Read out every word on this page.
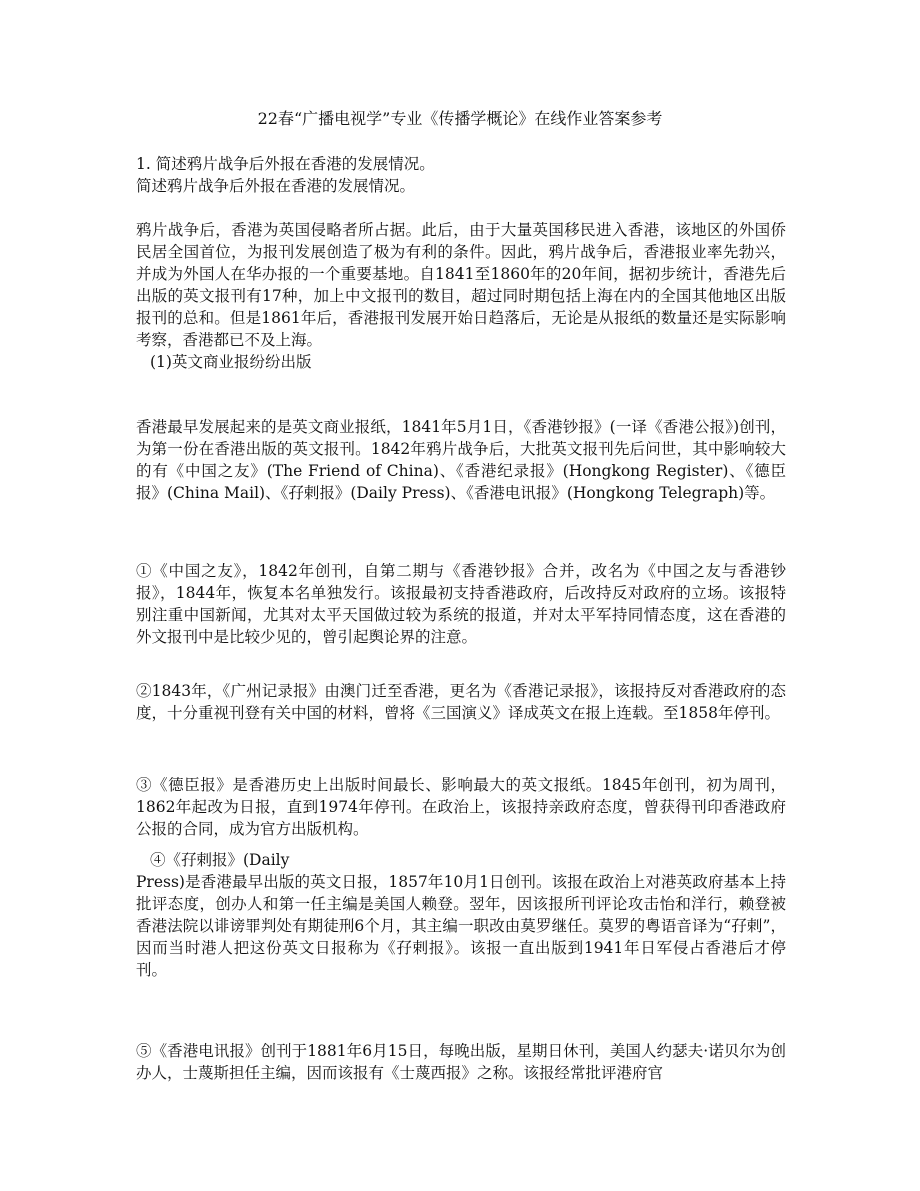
22春“广播电视学”专业《传播学概论》在线作业答案参考

1. 简述鸦片战争后外报在香港的发展情况。

简述鸦片战争后外报在香港的发展情况。

鸦片战争后，香港为英国侵略者所占据。此后，由于大量英国移民进入香港，该地区的外国侨民居全国首位，为报刊发展创造了极为有利的条件。因此，鸦片战争后，香港报业率先勃兴，并成为外国人在华办报的一个重要基地。自1841至1860年的20年间，据初步统计，香港先后出版的英文报刊有17种，加上中文报刊的数目，超过同时期包括上海在内的全国其他地区出版报刊的总和。但是1861年后，香港报刊发展开始日趋落后，无论是从报纸的数量还是实际影响考察，香港都已不及上海。

(1)英文商业报纷纷出版

香港最早发展起来的是英文商业报纸，1841年5月1日，《香港钞报》(一译《香港公报》)创刊，为第一份在香港出版的英文报刊。1842年鸦片战争后，大批英文报刊先后问世，其中影响较大的有《中国之友》(The Friend of China)、《香港纪录报》(Hongkong Register)、《德臣报》(China Mail)、《孖剌报》(Daily Press)、《香港电讯报》(Hongkong Telegraph)等。

①《中国之友》，1842年创刊，自第二期与《香港钞报》合并，改名为《中国之友与香港钞报》，1844年，恢复本名单独发行。该报最初支持香港政府，后改持反对政府的立场。该报特别注重中国新闻，尤其对太平天国做过较为系统的报道，并对太平军持同情态度，这在香港的外文报刊中是比较少见的，曾引起舆论界的注意。

②1843年，《广州记录报》由澳门迁至香港，更名为《香港记录报》，该报持反对香港政府的态度，十分重视刊登有关中国的材料，曾将《三国演义》译成英文在报上连载。至1858年停刊。

③《德臣报》是香港历史上出版时间最长、影响最大的英文报纸。1845年创刊，初为周刊，1862年起改为日报，直到1974年停刊。在政治上，该报持亲政府态度，曾获得刊印香港政府公报的合同，成为官方出版机构。

④《孖剌报》(Daily

Press)是香港最早出版的英文日报，1857年10月1日创刊。该报在政治上对港英政府基本上持批评态度，创办人和第一任主编是美国人赖登。翌年，因该报所刊评论攻击怡和洋行，赖登被香港法院以诽谤罪判处有期徒刑6个月，其主编一职改由莫罗继任。莫罗的粤语音译为“孖剌”，因而当时港人把这份英文日报称为《孖剌报》。该报一直出版到1941年日军侵占香港后才停刊。

⑤《香港电讯报》创刊于1881年6月15日，每晚出版，星期日休刊，美国人约瑟夫·诺贝尔为创办人，士蔑斯担任主编，因而该报有《士蔑西报》之称。该报经常批评港府官
